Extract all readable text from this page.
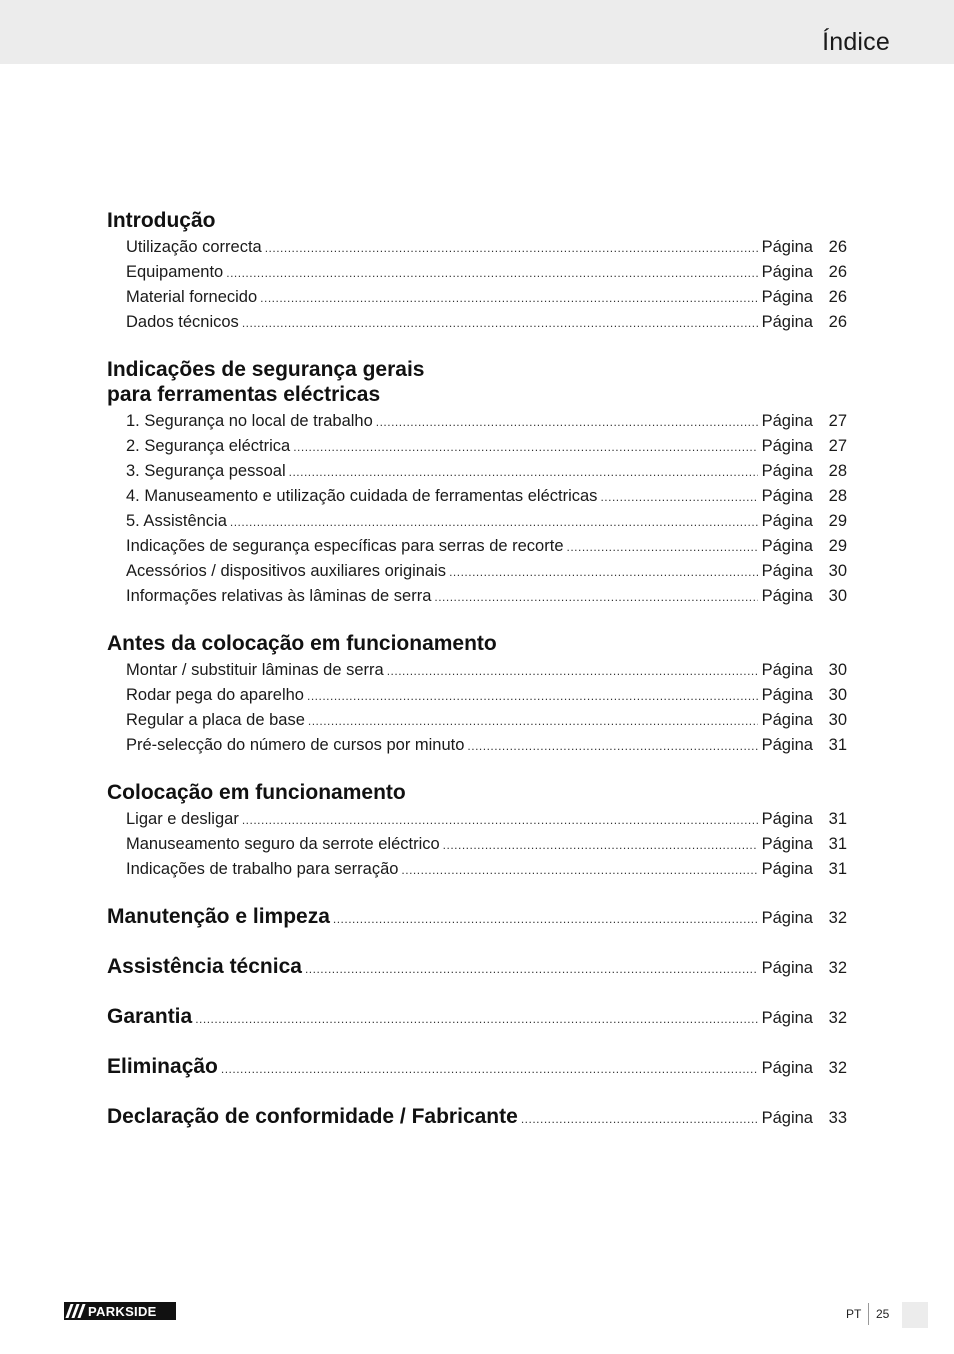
Índice
Introdução
Utilização correcta .....	Página 26
Equipamento .....	Página 26
Material fornecido .....	Página 26
Dados técnicos .....	Página 26
Indicações de segurança gerais
para ferramentas eléctricas
1. Segurança no local de trabalho .....	Página 27
2. Segurança eléctrica .....	Página 27
3. Segurança pessoal .....	Página 28
4. Manuseamento e utilização cuidada de ferramentas eléctricas .....	Página 28
5. Assistência .....	Página 29
Indicações de segurança específicas para serras de recorte .....	Página 29
Acessórios / dispositivos auxiliares originais .....	Página 30
Informações relativas às lâminas de serra .....	Página 30
Antes da colocação em funcionamento
Montar / substituir lâminas de serra .....	Página 30
Rodar pega do aparelho .....	Página 30
Regular a placa de base .....	Página 30
Pré-selecção do número de cursos por minuto .....	Página 31
Colocação em funcionamento
Ligar e desligar .....	Página 31
Manuseamento seguro da serrote eléctrico .....	Página 31
Indicações de trabalho para serração .....	Página 31
Manutenção e limpeza .....	Página 32
Assistência técnica .....	Página 32
Garantia .....	Página 32
Eliminação .....	Página 32
Declaração de conformidade / Fabricante .....	Página 33
PARKSIDE	PT 25
